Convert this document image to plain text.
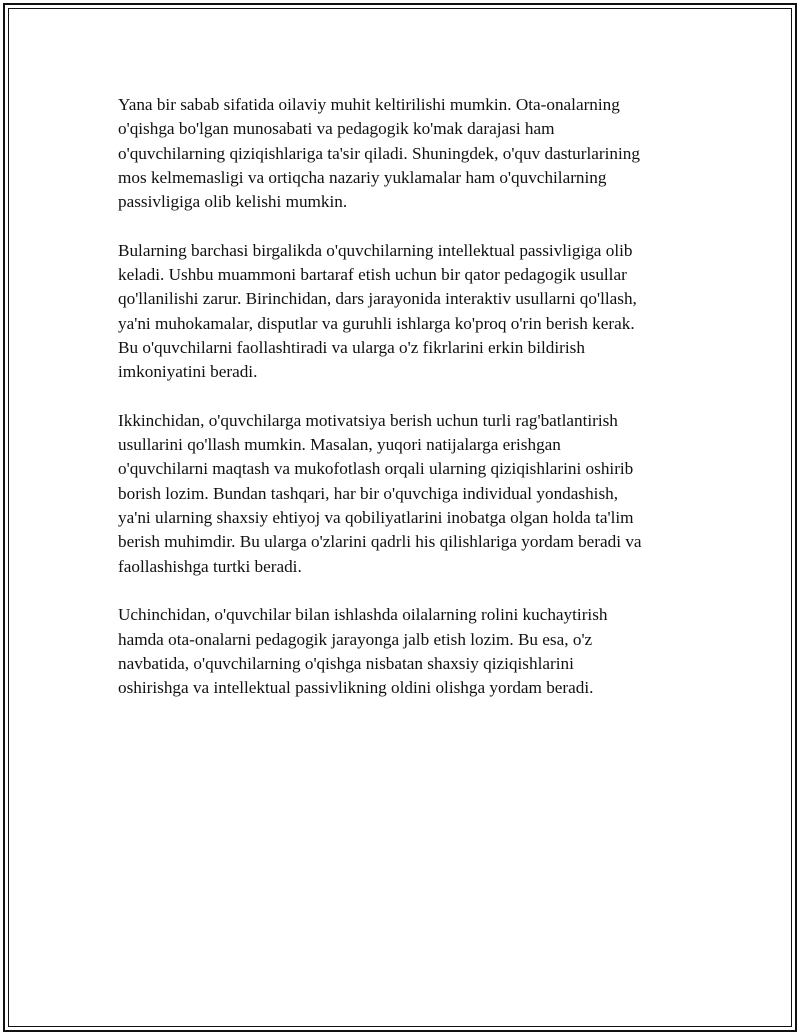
Yana bir sabab sifatida oilaviy muhit keltirilishi mumkin. Ota-onalarning
o'qishga bo'lgan munosabati va pedagogik ko'mak darajasi ham
o'quvchilarning qiziqishlariga ta'sir qiladi. Shuningdek, o'quv dasturlarining
mos kelmemasligi va ortiqcha nazariy yuklamalar ham o'quvchilarning
passivligiga olib kelishi mumkin.

Bularning barchasi birgalikda o'quvchilarning intellektual passivligiga olib
keladi. Ushbu muammoni bartaraf etish uchun bir qator pedagogik usullar
qo'llanilishi zarur. Birinchidan, dars jarayonida interaktiv usullarni qo'llash,
ya'ni muhokamalar, disputlar va guruhli ishlarga ko'proq o'rin berish kerak.
Bu o'quvchilarni faollashtiradi va ularga o'z fikrlarini erkin bildirish
imkoniyatini beradi.

Ikkinchidan, o'quvchilarga motivatsiya berish uchun turli rag'batlantirish
usullarini qo'llash mumkin. Masalan, yuqori natijalarga erishgan
o'quvchilarni maqtash va mukofotlash orqali ularning qiziqishlarini oshirib
borish lozim. Bundan tashqari, har bir o'quvchiga individual yondashish,
ya'ni ularning shaxsiy ehtiyoj va qobiliyatlarini inobatga olgan holda ta'lim
berish muhimdir. Bu ularga o'zlarini qadrli his qilishlariga yordam beradi va
faollashishga turtki beradi.

Uchinchidan, o'quvchilar bilan ishlashda oilalarning rolini kuchaytirish
hamda ota-onalarni pedagogik jarayonga jalb etish lozim. Bu esa, o'z
navbatida, o'quvchilarning o'qishga nisbatan shaxsiy qiziqishlarini
oshirishga va intellektual passivlikning oldini olishga yordam beradi.
